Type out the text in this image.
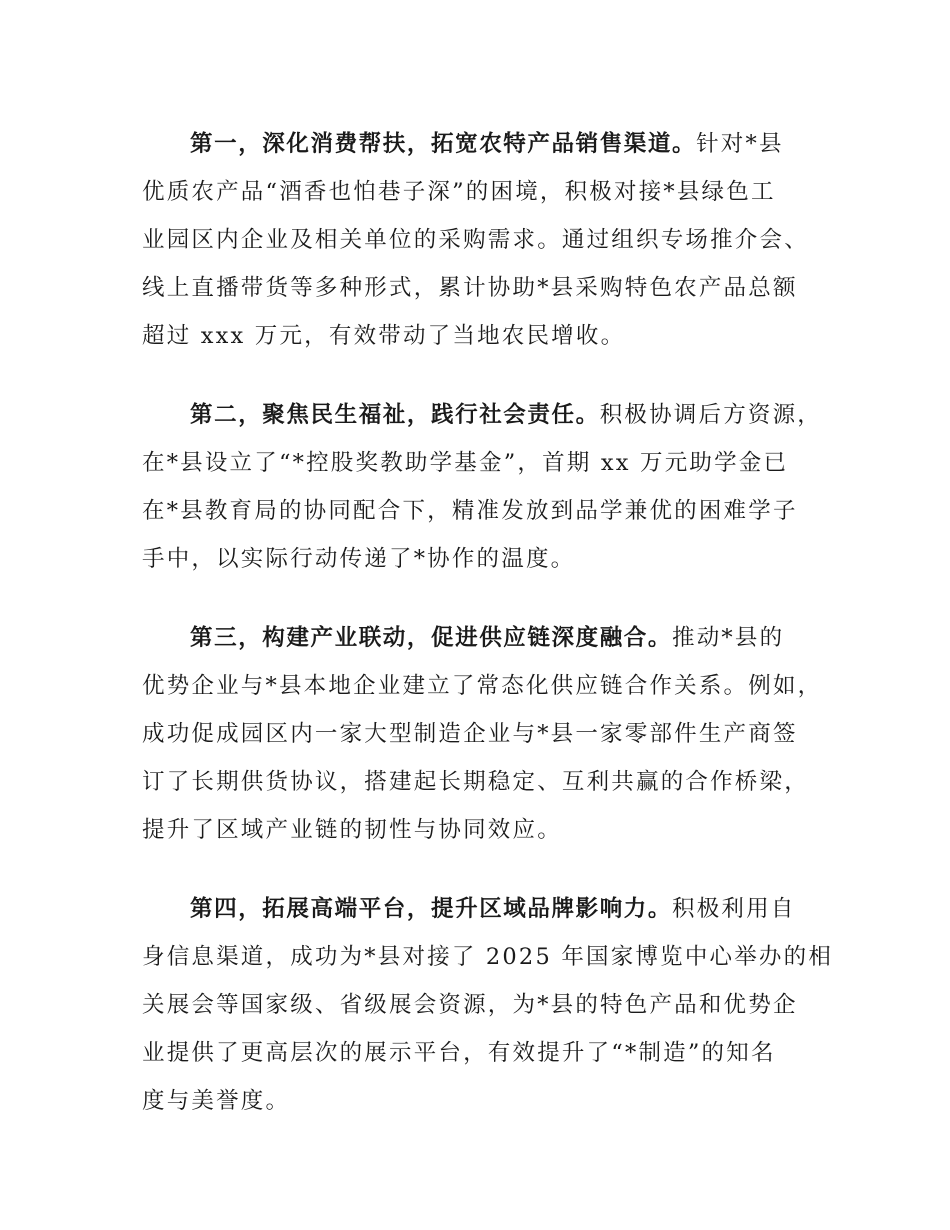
第一，深化消费帮扶，拓宽农特产品销售渠道。针对*县
优质农产品“酒香也怕巷子深”的困境，积极对接*县绿色工
业园区内企业及相关单位的采购需求。通过组织专场推介会、
线上直播带货等多种形式，累计协助*县采购特色农产品总额
超过 xxx 万元，有效带动了当地农民增收。

第二，聚焦民生福祉，践行社会责任。积极协调后方资源，
在*县设立了“*控股奖教助学基金”，首期 xx 万元助学金已
在*县教育局的协同配合下，精准发放到品学兼优的困难学子
手中，以实际行动传递了*协作的温度。

第三，构建产业联动，促进供应链深度融合。推动*县的
优势企业与*县本地企业建立了常态化供应链合作关系。例如，
成功促成园区内一家大型制造企业与*县一家零部件生产商签
订了长期供货协议，搭建起长期稳定、互利共赢的合作桥梁，
提升了区域产业链的韧性与协同效应。

第四，拓展高端平台，提升区域品牌影响力。积极利用自
身信息渠道，成功为*县对接了 2025 年国家博览中心举办的相
关展会等国家级、省级展会资源，为*县的特色产品和优势企
业提供了更高层次的展示平台，有效提升了“*制造”的知名
度与美誉度。
